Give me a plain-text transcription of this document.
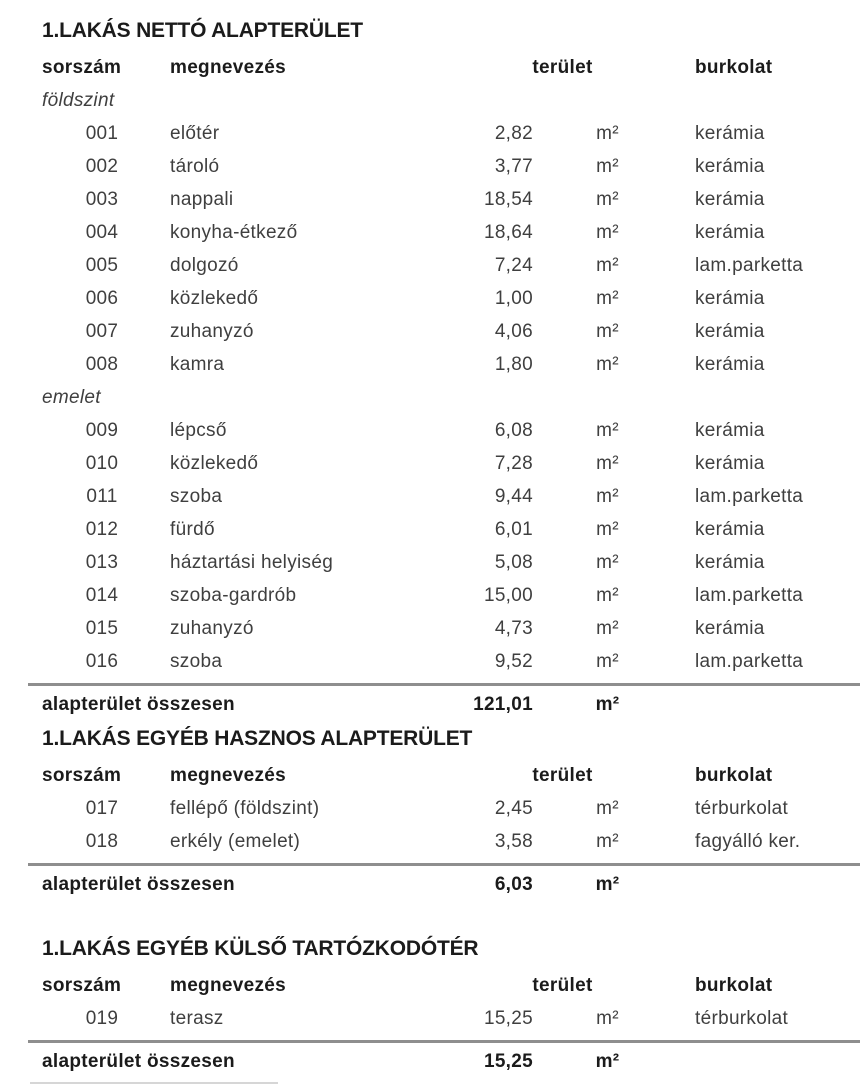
1.LAKÁS NETTÓ ALAPTERÜLET
sorszám	megnevezés	terület	burkolat
földszint
001	előtér	2,82	m²	kerámia
002	tároló	3,77	m²	kerámia
003	nappali	18,54	m²	kerámia
004	konyha-étkező	18,64	m²	kerámia
005	dolgozó	7,24	m²	lam.parketta
006	közlekedő	1,00	m²	kerámia
007	zuhanyzó	4,06	m²	kerámia
008	kamra	1,80	m²	kerámia
emelet
009	lépcső	6,08	m²	kerámia
010	közlekedő	7,28	m²	kerámia
011	szoba	9,44	m²	lam.parketta
012	fürdő	6,01	m²	kerámia
013	háztartási helyiség	5,08	m²	kerámia
014	szoba-gardrób	15,00	m²	lam.parketta
015	zuhanyzó	4,73	m²	kerámia
016	szoba	9,52	m²	lam.parketta
alapterület összesen	121,01	m²
1.LAKÁS EGYÉB HASZNOS ALAPTERÜLET
sorszám	megnevezés	terület	burkolat
017	fellépő (földszint)	2,45	m²	térburkolat
018	erkély (emelet)	3,58	m²	fagyálló ker.
alapterület összesen	6,03	m²
1.LAKÁS EGYÉB KÜLSŐ TARTÓZKODÓTÉR
sorszám	megnevezés	terület	burkolat
019	terasz	15,25	m²	térburkolat
alapterület összesen	15,25	m²
